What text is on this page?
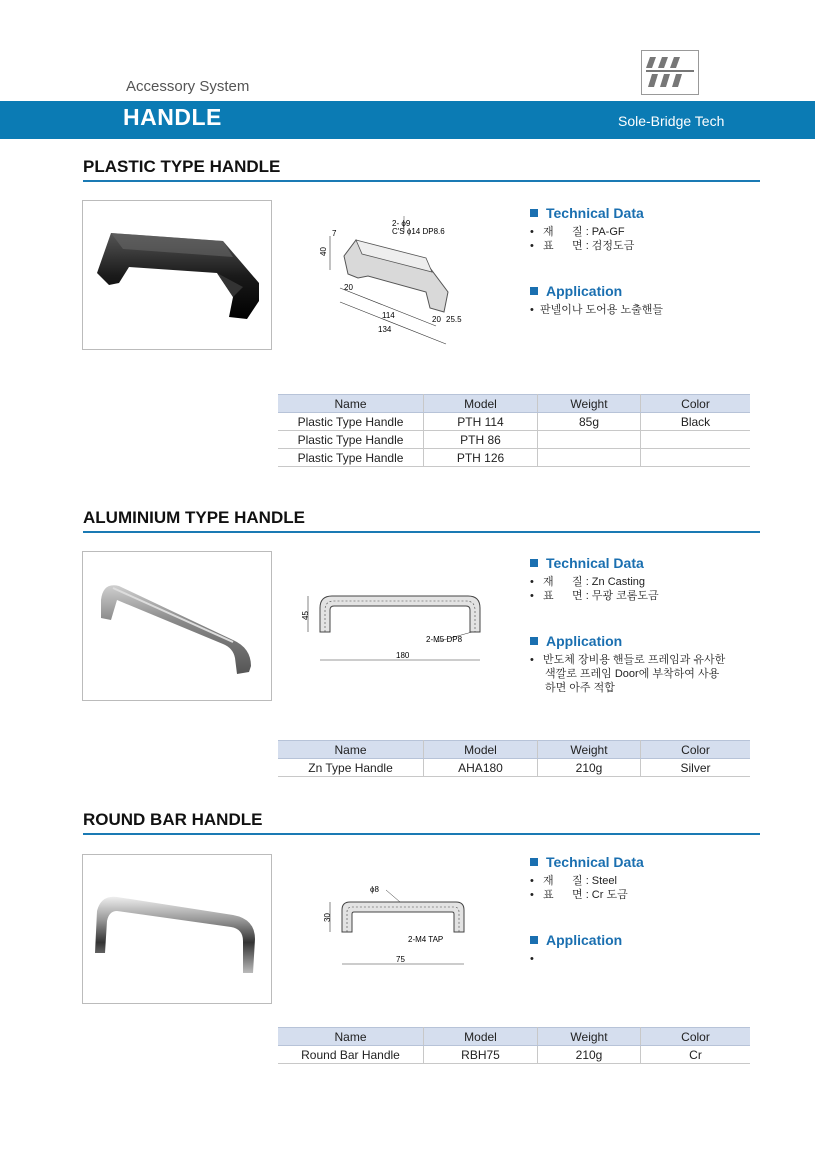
Accessory System
HANDLE	Sole-Bridge Tech
PLASTIC TYPE HANDLE
2- ϕ9
C'S ϕ14 DP8.6
40
7
20
114
134
20 25.5
Technical Data
•   재 질 : PA-GF
•   표 면 : 검정도금
Application
•  판넬이나 도어용 노출핸들
Name	Model	Weight	Color
Plastic Type Handle	PTH 114	85g	Black
Plastic Type Handle	PTH 86		
Plastic Type Handle	PTH 126		
ALUMINIUM TYPE HANDLE
45
2-M5 DP8
180
Technical Data
•   재 질 : Zn Casting
•   표 면 : 무광 코롬도금
Application
•   반도체 장비용 핸들로 프레임과 유사한
색깔로 프레임 Door에 부착하여 사용
하면 아주 적합
Name	Model	Weight	Color
Zn Type Handle	AHA180	210g	Silver
ROUND BAR HANDLE
ϕ8
30
2-M4 TAP
75
Technical Data
•   재 질 : Steel
•   표 면 : Cr 도금
Application
•
Name	Model	Weight	Color
Round Bar Handle	RBH75	210g	Cr
